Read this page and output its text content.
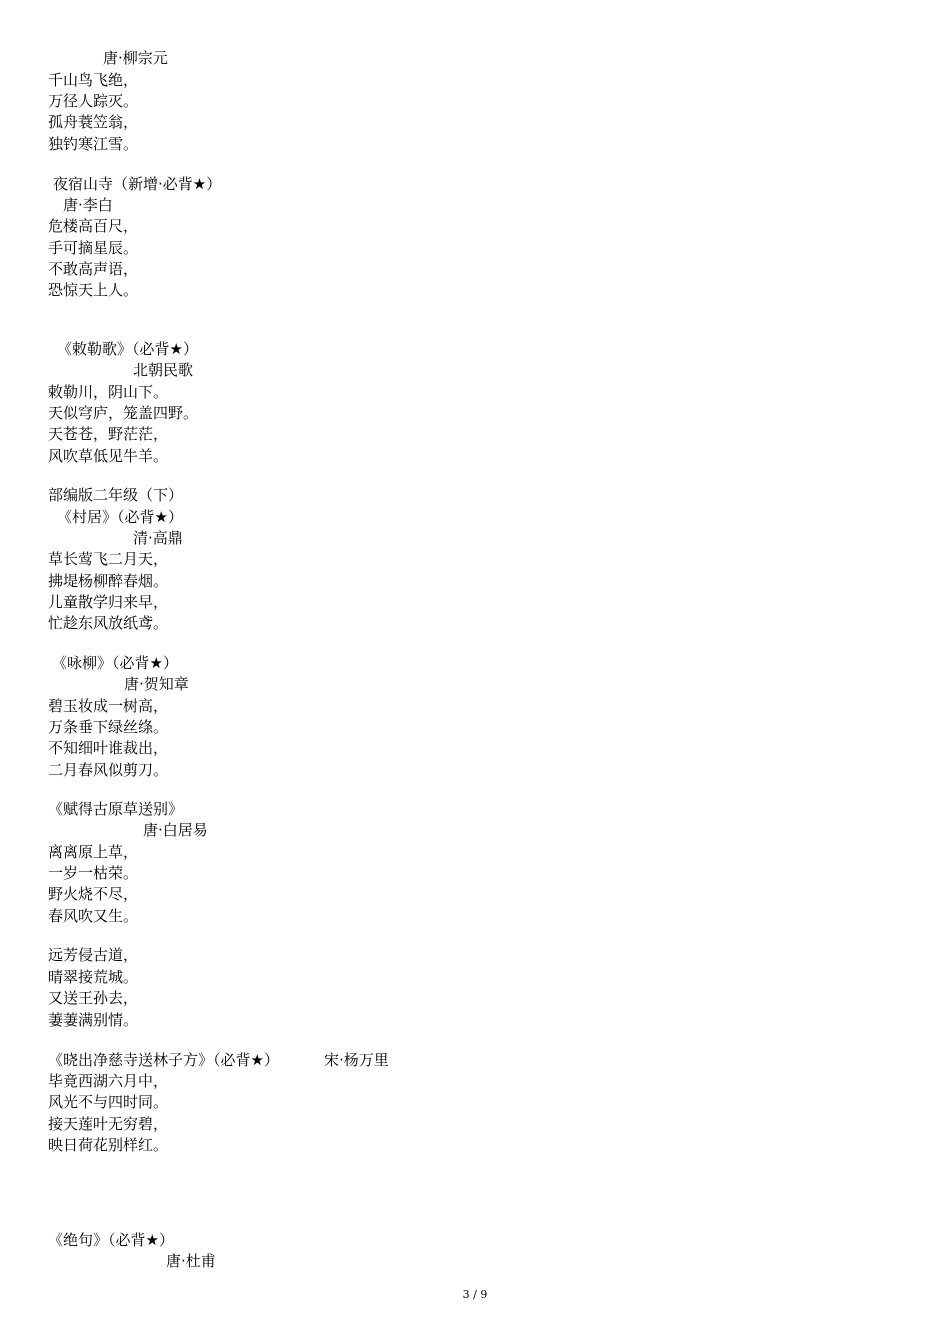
唐·柳宗元
千山鸟飞绝，
万径人踪灭。
孤舟蓑笠翁，
独钓寒江雪。
夜宿山寺（新增·必背★）
唐·李白
危楼高百尺，
手可摘星辰。
不敢高声语，
恐惊天上人。
《敕勒歌》（必背★）
北朝民歌
敕勒川，阴山下。
天似穹庐，笼盖四野。
天苍苍，野茫茫，
风吹草低见牛羊。
部编版二年级（下）
《村居》（必背★）
清·高鼎
草长莺飞二月天，
拂堤杨柳醉春烟。
儿童散学归来早，
忙趁东风放纸鸢。
《咏柳》（必背★）
唐·贺知章
碧玉妆成一树高，
万条垂下绿丝绦。
不知细叶谁裁出，
二月春风似剪刀。
《赋得古原草送别》
唐·白居易
离离原上草，
一岁一枯荣。
野火烧不尽，
春风吹又生。
远芳侵古道，
晴翠接荒城。
又送王孙去，
萋萋满别情。
《晓出净慈寺送林子方》（必背★）	宋·杨万里
毕竟西湖六月中，
风光不与四时同。
接天莲叶无穷碧，
映日荷花别样红。
《绝句》（必背★）
唐·杜甫
3 / 9
